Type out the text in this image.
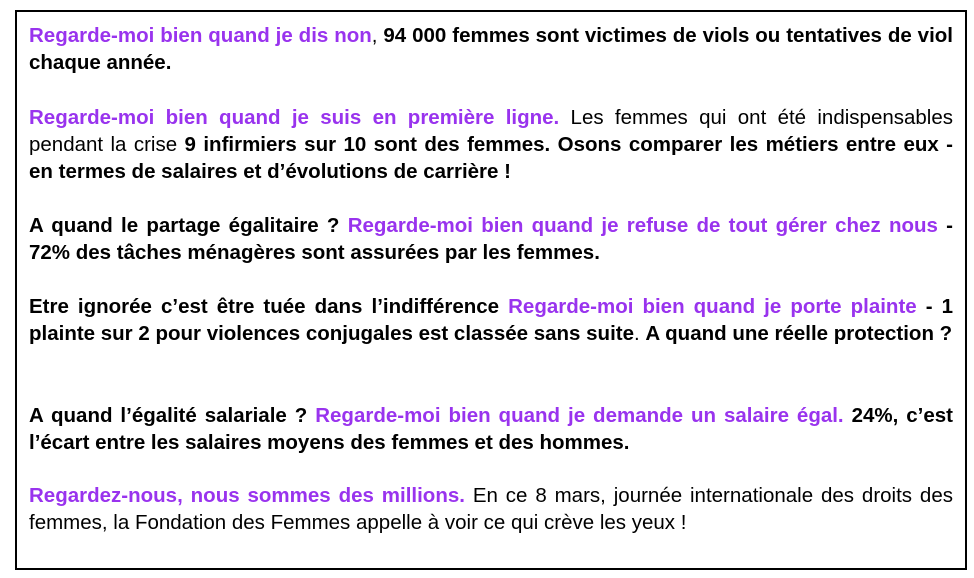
Regarde-moi bien quand je dis non, 94 000 femmes sont victimes de viols ou tentatives de viol chaque année.

Regarde-moi bien quand je suis en première ligne. Les femmes qui ont été indispensables pendant la crise 9 infirmiers sur 10 sont des femmes. Osons comparer les métiers entre eux - en termes de salaires et d’évolutions de carrière !

A quand le partage égalitaire ? Regarde-moi bien quand je refuse de tout gérer chez nous - 72% des tâches ménagères sont assurées par les femmes.

Etre ignorée c’est être tuée dans l’indifférence Regarde-moi bien quand je porte plainte - 1 plainte sur 2 pour violences conjugales est classée sans suite. A quand une réelle protection ?

A quand l’égalité salariale ? Regarde-moi bien quand je demande un salaire égal. 24%, c’est l’écart entre les salaires moyens des femmes et des hommes.

Regardez-nous, nous sommes des millions. En ce 8 mars, journée internationale des droits des femmes, la Fondation des Femmes appelle à voir ce qui crève les yeux !
